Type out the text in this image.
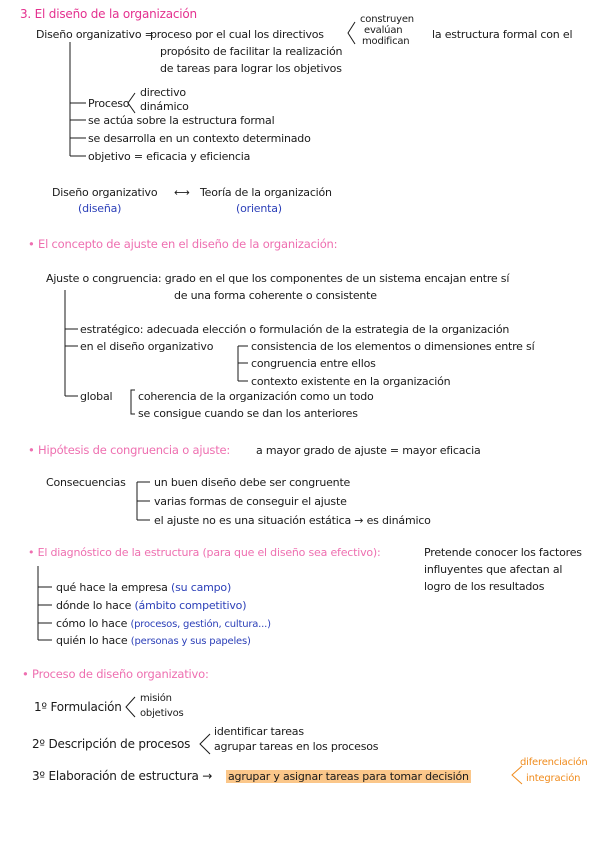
3. El diseño de la organización
Diseño organizativo =
proceso por el cual los directivos
construyen
evalúan
modifican
la estructura formal con el
propósito de facilitar la realización
de tareas para lograr los objetivos
Proceso
directivo
dinámico
se actúa sobre la estructura formal
se desarrolla en un contexto determinado
objetivo = eficacia y eficiencia
Diseño organizativo ⟷ Teoría de la organización
(diseña)	(orienta)
• El concepto de ajuste en el diseño de la organización:
Ajuste o congruencia: grado en el que los componentes de un sistema encajan entre sí
de una forma coherente o consistente
estratégico: adecuada elección o formulación de la estrategia de la organización
en el diseño organizativo	consistencia de los elementos o dimensiones entre sí
congruencia entre ellos
contexto existente en la organización
global coherencia de la organización como un todo
se consigue cuando se dan los anteriores
• Hipótesis de congruencia o ajuste: a mayor grado de ajuste = mayor eficacia
Consecuencias	un buen diseño debe ser congruente
varias formas de conseguir el ajuste
el ajuste no es una situación estática → es dinámico
• El diagnóstico de la estructura (para que el diseño sea efectivo):	Pretende conocer los factores
influyentes que afectan al
logro de los resultados
qué hace la empresa (su campo)
dónde lo hace (ámbito competitivo)
cómo lo hace (procesos, gestión, cultura...)
quién lo hace (personas y sus papeles)
• Proceso de diseño organizativo:
1º Formulación
misión
objetivos
2º Descripción de procesos
identificar tareas
agrupar tareas en los procesos
3º Elaboración de estructura → agrupar y asignar tareas para tomar decisión
diferenciación
integración
